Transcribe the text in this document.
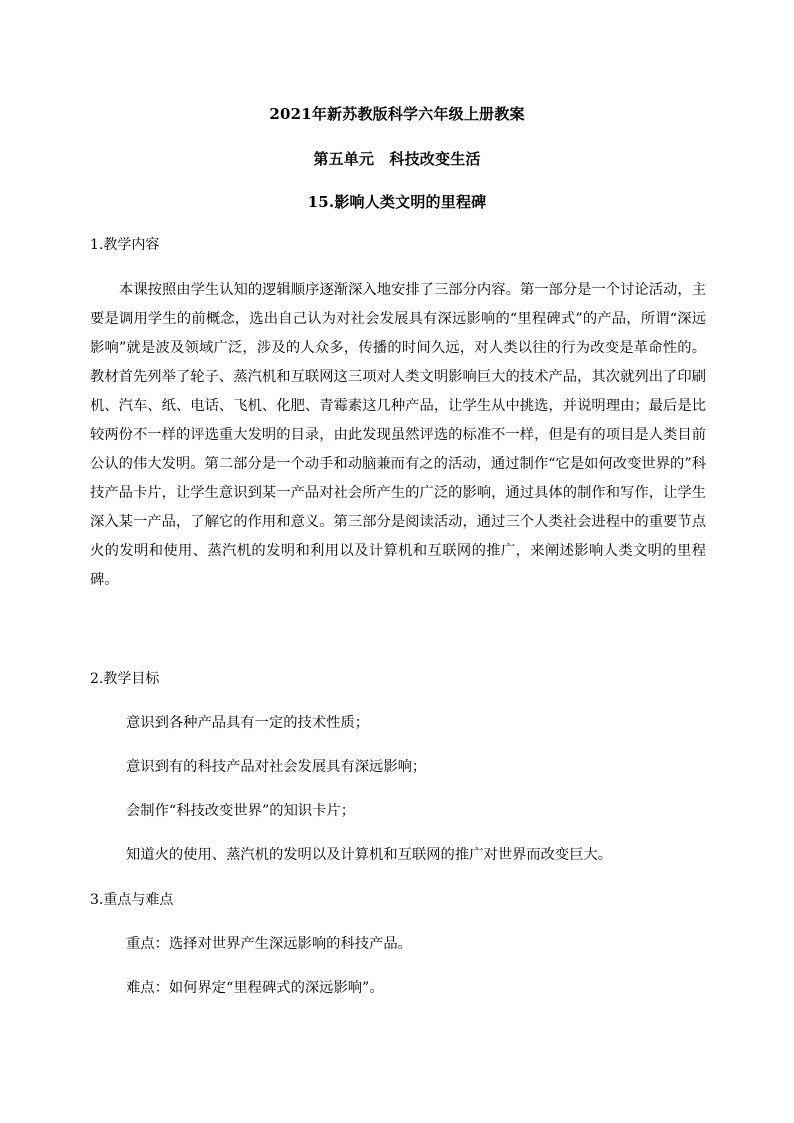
2021年新苏教版科学六年级上册教案
第五单元　科技改变生活
15.影响人类文明的里程碑
1.教学内容
本课按照由学生认知的逻辑顺序逐渐深入地安排了三部分内容。第一部分是一个讨论活动，主要是调用学生的前概念，选出自己认为对社会发展具有深远影响的“里程碑式”的产品，所谓“深远影响”就是波及领域广泛，涉及的人众多，传播的时间久远，对人类以往的行为改变是革命性的。教材首先列举了轮子、蒸汽机和互联网这三项对人类文明影响巨大的技术产品，其次就列出了印刷机、汽车、纸、电话、飞机、化肥、青霉素这几种产品，让学生从中挑选，并说明理由；最后是比较两份不一样的评选重大发明的目录，由此发现虽然评选的标准不一样，但是有的项目是人类目前公认的伟大发明。第二部分是一个动手和动脑兼而有之的活动，通过制作“它是如何改变世界的”科技产品卡片，让学生意识到某一产品对社会所产生的广泛的影响，通过具体的制作和写作，让学生深入某一产品，了解它的作用和意义。第三部分是阅读活动，通过三个人类社会进程中的重要节点火的发明和使用、蒸汽机的发明和利用以及计算机和互联网的推广，来阐述影响人类文明的里程碑。
2.教学目标
意识到各种产品具有一定的技术性质；
意识到有的科技产品对社会发展具有深远影响；
会制作“科技改变世界”的知识卡片；
知道火的使用、蒸汽机的发明以及计算机和互联网的推广对世界而改变巨大。
3.重点与难点
重点：选择对世界产生深远影响的科技产品。
难点：如何界定“里程碑式的深远影响”。
